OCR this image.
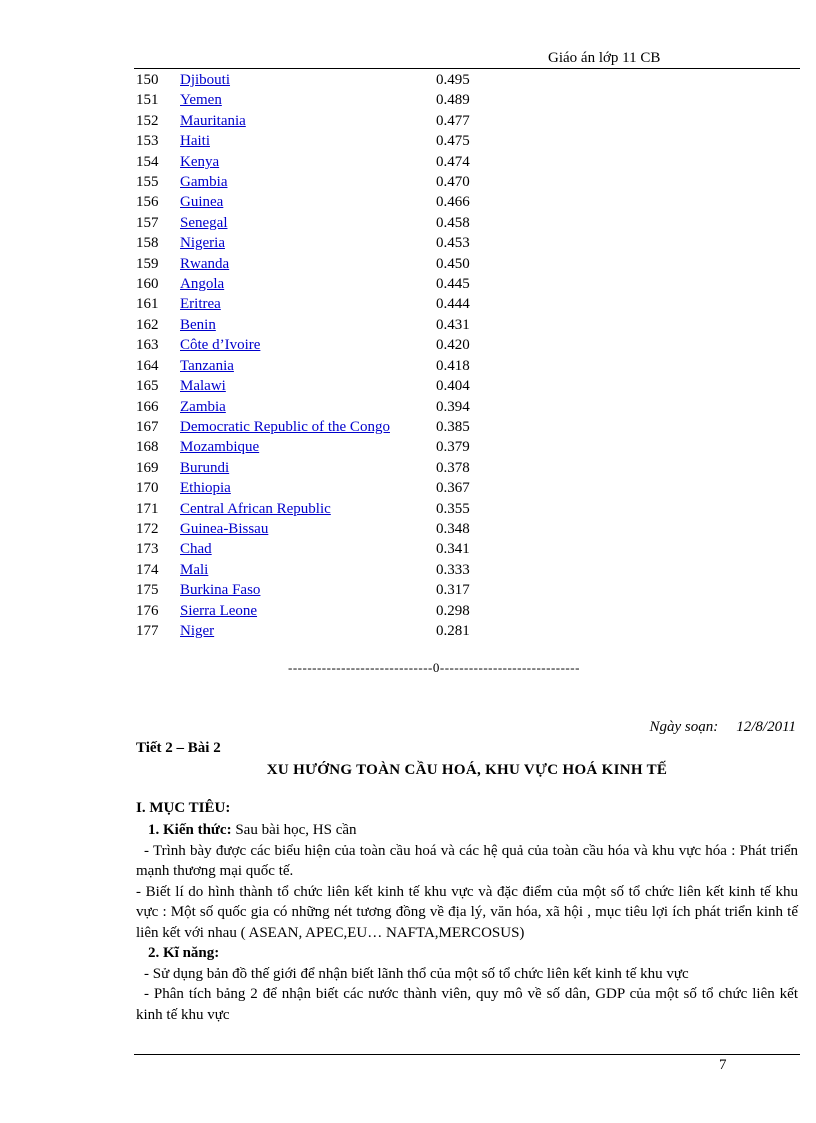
Giáo án lớp 11 CB
150	Djibouti	0.495
151	Yemen	0.489
152	Mauritania	0.477
153	Haiti	0.475
154	Kenya	0.474
155	Gambia	0.470
156	Guinea	0.466
157	Senegal	0.458
158	Nigeria	0.453
159	Rwanda	0.450
160	Angola	0.445
161	Eritrea	0.444
162	Benin	0.431
163	Côte d’Ivoire	0.420
164	Tanzania	0.418
165	Malawi	0.404
166	Zambia	0.394
167	Democratic Republic of the Congo	0.385
168	Mozambique	0.379
169	Burundi	0.378
170	Ethiopia	0.367
171	Central African Republic	0.355
172	Guinea-Bissau	0.348
173	Chad	0.341
174	Mali	0.333
175	Burkina Faso	0.317
176	Sierra Leone	0.298
177	Niger	0.281
------------------------------0-----------------------------
Ngày soạn: 12/8/2011
Tiết 2 – Bài 2
XU HƯỚNG TOÀN CẦU HOÁ, KHU VỰC HOÁ KINH TẾ
I. MỤC TIÊU:

1. Kiến thức: Sau bài học, HS cần

- Trình bày được các biểu hiện của toàn cầu hoá và các hệ quả của toàn cầu hóa và khu vực hóa : Phát triển mạnh thương mại quốc tế.

- Biết lí do hình thành tổ chức liên kết kinh tế khu vực và đặc điểm của một số tổ chức liên kết kinh tế khu vực : Một số quốc gia có những nét tương đồng về địa lý, văn hóa, xã hội , mục tiêu lợi ích phát triển kinh tế liên kết với nhau ( ASEAN, APEC,EU… NAFTA,MERCOSUS)

2. Kĩ năng:

- Sử dụng bản đồ thế giới để nhận biết lãnh thổ của một số tổ chức liên kết kinh tế khu vực

- Phân tích bảng 2 để nhận biết các nước thành viên, quy mô về số dân, GDP của một số tổ chức liên kết kinh tế khu vực

7
